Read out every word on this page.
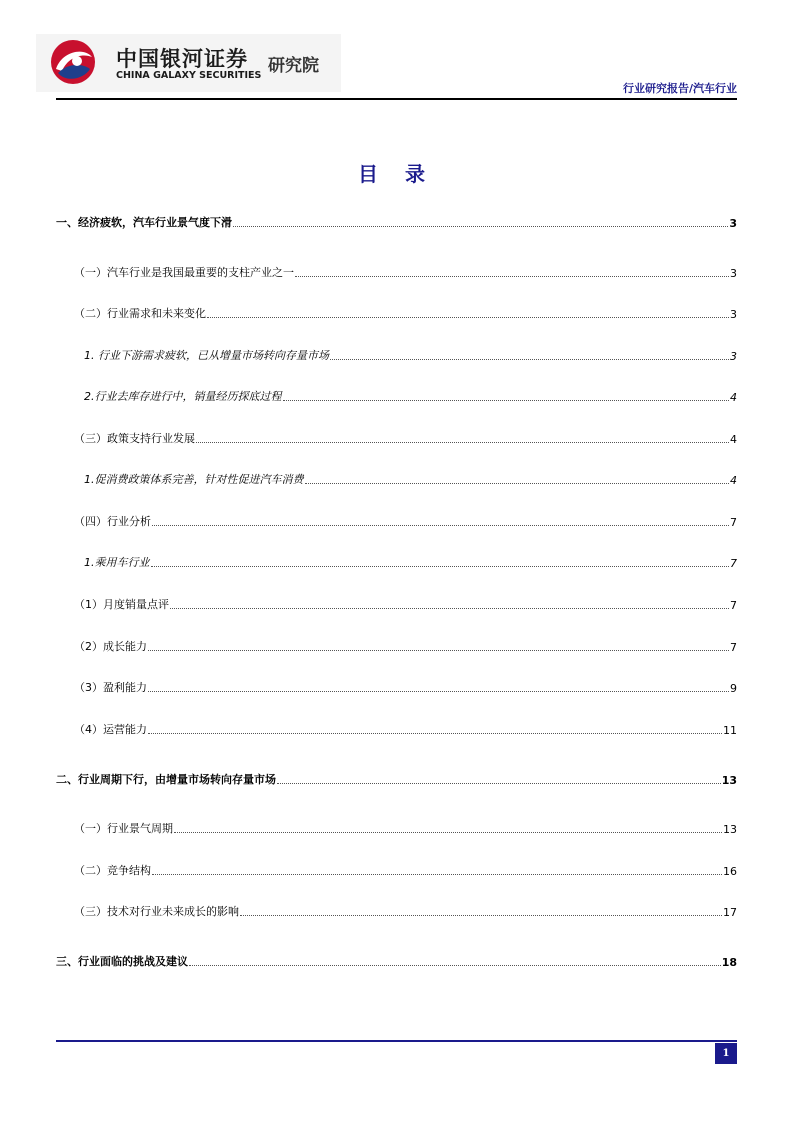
中国银河证券
CHINA GALAXY SECURITIES 研究院
行业研究报告/汽车行业
目 录
一、经济疲软，汽车行业景气度下滑	3
（一）汽车行业是我国最重要的支柱产业之一	3
（二）行业需求和未来变化	3
1. 行业下游需求疲软，已从增量市场转向存量市场	3
2.行业去库存进行中，销量经历探底过程	4
（三）政策支持行业发展	4
1.促消费政策体系完善，针对性促进汽车消费	4
（四）行业分析	7
1.乘用车行业	7
（1）月度销量点评	7
（2）成长能力	7
（3）盈利能力	9
（4）运营能力	11
二、行业周期下行，由增量市场转向存量市场	13
（一）行业景气周期	13
（二）竞争结构	16
（三）技术对行业未来成长的影响	17
三、行业面临的挑战及建议	18
1
